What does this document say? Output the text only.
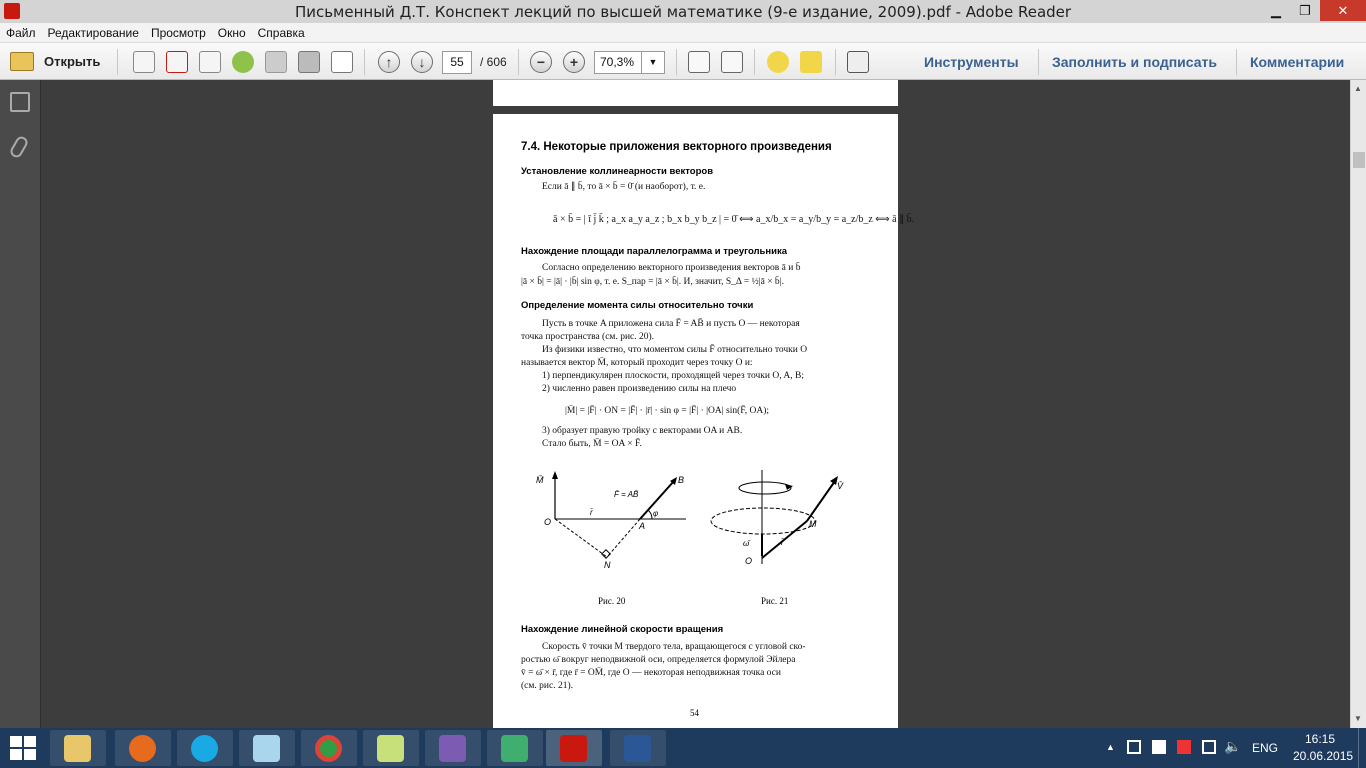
Письменный Д.Т. Конспект лекций по высшей математике (9-е издание, 2009).pdf - Adobe Reader	▁	❐	✕
Файл Редактирование Просмотр Окно Справка
Открыть	↑	↓	55	/ 606	−	+	70,3%	▼	Инструменты Заполнить и подписать Комментарии
▲
▼
7.4. Некоторые приложения векторного произведения
Установление коллинеарности векторов
Если ā ∥ b̄, то ā × b̄ = 0̄ (и наоборот), т. е.
ā × b̄ = | ī j̄ k̄ ; a_x a_y a_z ; b_x b_y b_z | = 0̄ ⟺ a_x/b_x = a_y/b_y = a_z/b_z ⟺ ā ∥ b̄.
Нахождение площади параллелограмма и треугольника
Согласно определению векторного произведения векторов ā и b̄
|ā × b̄| = |ā| · |b̄| sin φ, т. е. S_пар = |ā × b̄|. И, значит, S_Δ = ½|ā × b̄|.
Определение момента силы относительно точки
Пусть в точке A приложена сила F̄ = AB̄ и пусть O — некоторая
точка пространства (см. рис. 20).
Из физики известно, что моментом силы F̄ относительно точки O
называется вектор M̄, который проходит через точку O и:
1) перпендикулярен плоскости, проходящей через точки O, A, B;
2) численно равен произведению силы на плечо
|M̄| = |F̄| · ON = |F̄| · |r̄| · sin φ = |F̄| · |OA| sin(F̄, OA);
3) образует правую тройку с векторами OA и AB.
Стало быть, M̄ = OA × F̄.
M̄
F̄ = AB̄
B
O	A
N
r̄	φ
V̄
M
O
ω̄	r̄
Рис. 20	Рис. 21
Нахождение линейной скорости вращения
Скорость v̄ точки M твердого тела, вращающегося с угловой ско-
ростью ω̄ вокруг неподвижной оси, определяется формулой Эйлера
v̄ = ω̄ × r̄, где r̄ = OM̄, где O — некоторая неподвижная точка оси
(см. рис. 21).
54
▲	🔈 ENG
16:15
20.06.2015
